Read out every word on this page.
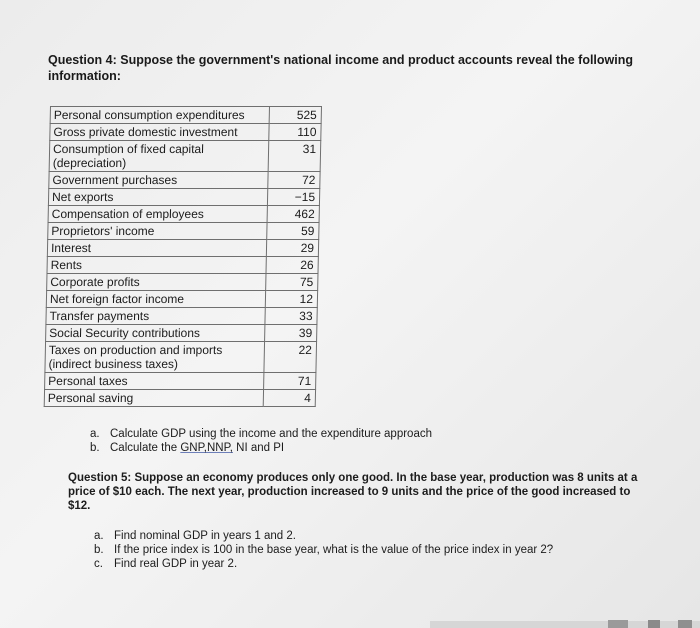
Question 4: Suppose the government's national income and product accounts reveal the following information:
Personal consumption expenditures	525
Gross private domestic investment	110
Consumption of fixed capital (depreciation)	31
Government purchases	72
Net exports	−15
Compensation of employees	462
Proprietors' income	59
Interest	29
Rents	26
Corporate profits	75
Net foreign factor income	12
Transfer payments	33
Social Security contributions	39
Taxes on production and imports (indirect business taxes)	22
Personal taxes	71
Personal saving	4
a. Calculate GDP using the income and the expenditure approach
b. Calculate the GNP,NNP, NI and PI
Question 5: Suppose an economy produces only one good. In the base year, production was 8 units at a price of $10 each. The next year, production increased to 9 units and the price of the good increased to $12.
a. Find nominal GDP in years 1 and 2.
b. If the price index is 100 in the base year, what is the value of the price index in year 2?
c. Find real GDP in year 2.
